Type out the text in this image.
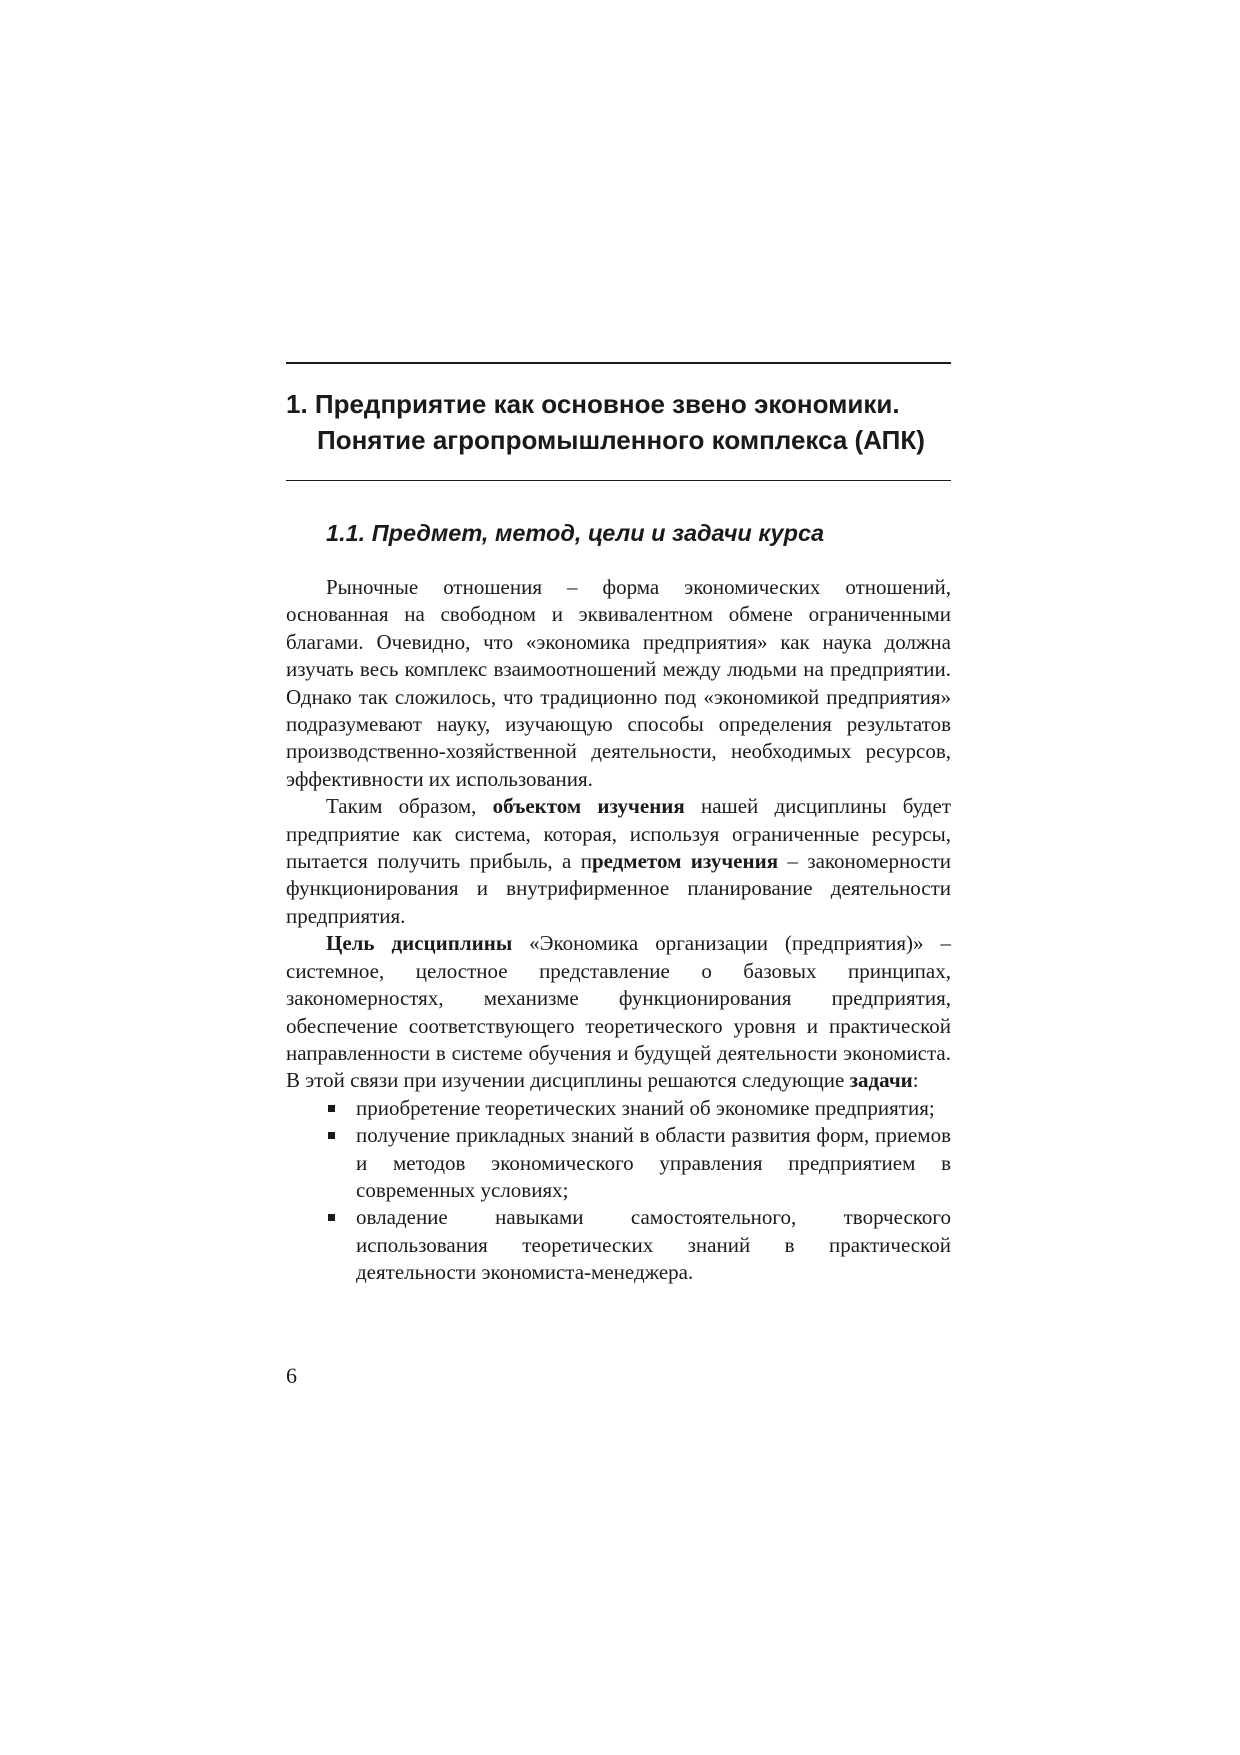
1. Предприятие как основное звено экономики.
Понятие агропромышленного комплекса (АПК)
1.1. Предмет, метод, цели и задачи курса

Рыночные отношения – форма экономических отношений, основанная на свободном и эквивалентном обмене ограниченными благами. Очевидно, что «экономика предприятия» как наука должна изучать весь комплекс взаимоотношений между людьми на предприятии. Однако так сложилось, что традиционно под «экономикой предприятия» подразумевают науку, изучающую способы определения результатов производственно-хозяйственной деятельности, необходимых ресурсов, эффективности их использования.

Таким образом, объектом изучения нашей дисциплины будет предприятие как система, которая, используя ограниченные ресурсы, пытается получить прибыль, а предметом изучения – закономерности функционирования и внутрифирменное планирование деятельности предприятия.

Цель дисциплины «Экономика организации (предприятия)» – системное, целостное представление о базовых принципах, закономерностях, механизме функционирования предприятия, обеспечение соответствующего теоретического уровня и практической направленности в системе обучения и будущей деятельности экономиста. В этой связи при изучении дисциплины решаются следующие задачи:

приобретение теоретических знаний об экономике предприятия;
получение прикладных знаний в области развития форм, приемов и методов экономического управления предприятием в современных условиях;
овладение навыками самостоятельного, творческого использования теоретических знаний в практической деятельности экономиста-менеджера.
6
